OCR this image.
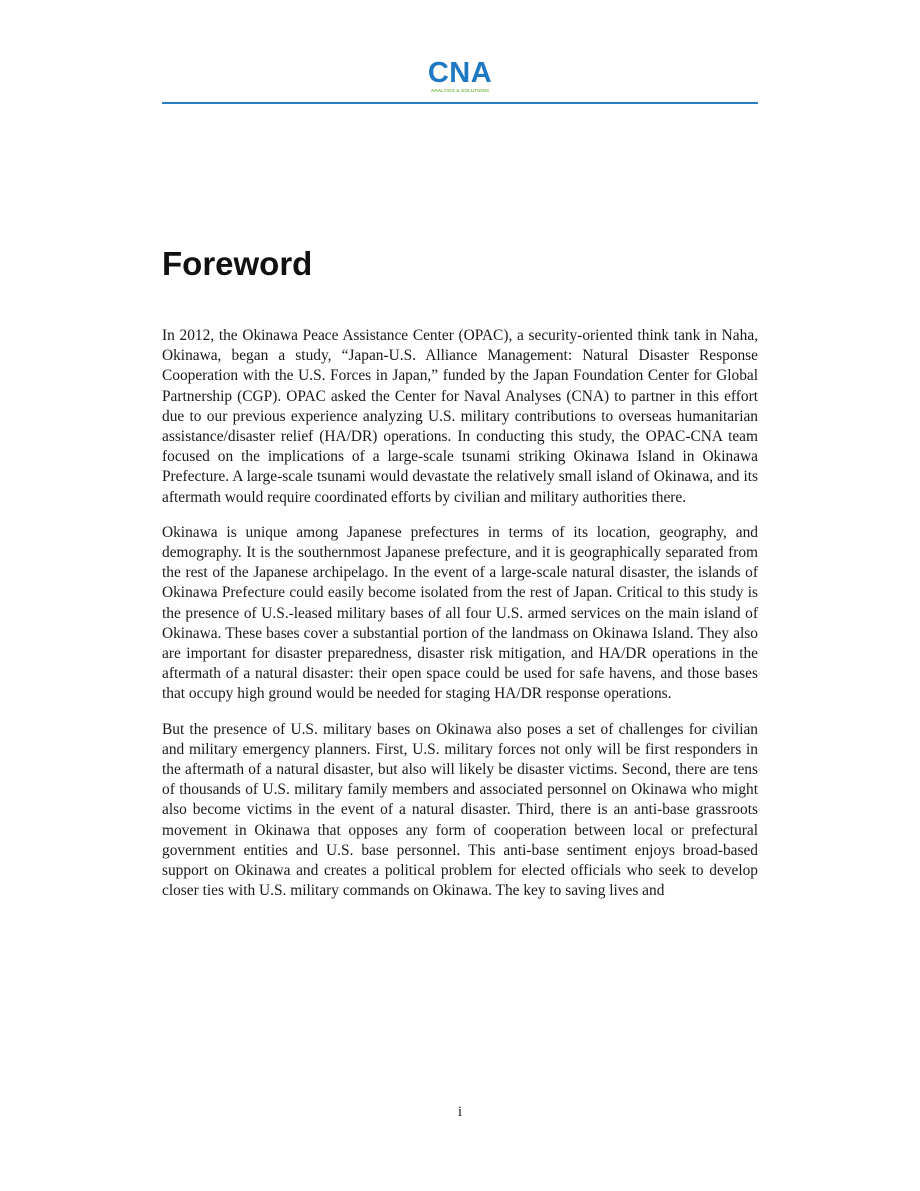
CNA
ANALYSIS & SOLUTIONS
Foreword

In 2012, the Okinawa Peace Assistance Center (OPAC), a security-oriented think tank in Naha, Okinawa, began a study, “Japan-U.S. Alliance Management: Natural Disaster Response Cooperation with the U.S. Forces in Japan,” funded by the Japan Foundation Center for Global Partnership (CGP). OPAC asked the Center for Naval Analyses (CNA) to partner in this effort due to our previous experience analyzing U.S. military contributions to overseas humanitarian assistance/disaster relief (HA/DR) operations. In conducting this study, the OPAC-CNA team focused on the implications of a large-scale tsunami striking Okinawa Island in Okinawa Prefecture. A large-scale tsunami would devastate the relatively small island of Okinawa, and its aftermath would require coordinated efforts by civilian and military authorities there.

Okinawa is unique among Japanese prefectures in terms of its location, geography, and demography. It is the southernmost Japanese prefecture, and it is geographically separated from the rest of the Japanese archipelago. In the event of a large-scale natural disaster, the islands of Okinawa Prefecture could easily become isolated from the rest of Japan. Critical to this study is the presence of U.S.-leased military bases of all four U.S. armed services on the main island of Okinawa. These bases cover a substantial portion of the landmass on Okinawa Island. They also are important for disaster preparedness, disaster risk mitigation, and HA/DR operations in the aftermath of a natural disaster: their open space could be used for safe havens, and those bases that occupy high ground would be needed for staging HA/DR response operations.

But the presence of U.S. military bases on Okinawa also poses a set of challenges for civilian and military emergency planners. First, U.S. military forces not only will be first responders in the aftermath of a natural disaster, but also will likely be disaster victims. Second, there are tens of thousands of U.S. military family members and associated personnel on Okinawa who might also become victims in the event of a natural disaster. Third, there is an anti-base grassroots movement in Okinawa that opposes any form of cooperation between local or prefectural government entities and U.S. base personnel. This anti-base sentiment enjoys broad-based support on Okinawa and creates a political problem for elected officials who seek to develop closer ties with U.S. military commands on Okinawa. The key to saving lives and

i
